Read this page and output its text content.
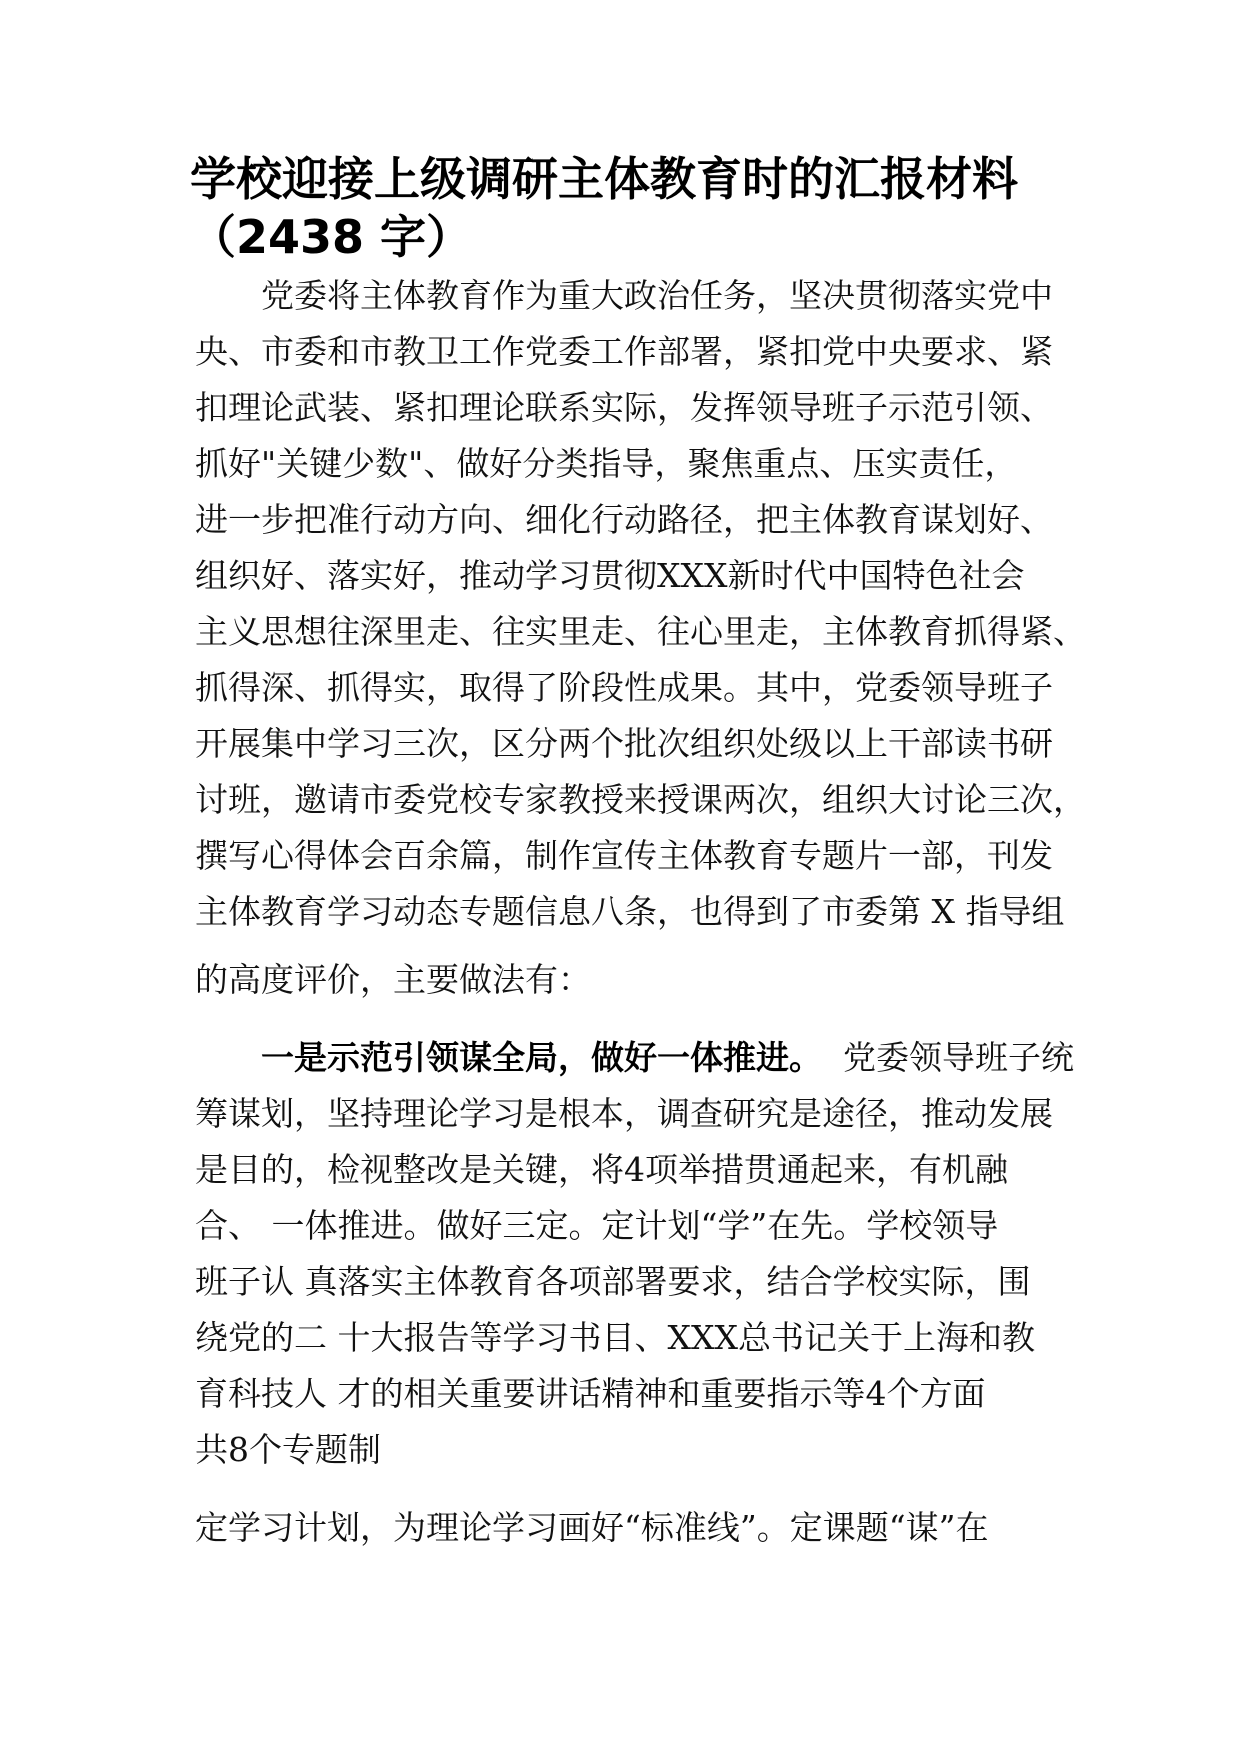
学校迎接上级调研主体教育时的汇报材料
（2438 字）
　　党委将主体教育作为重大政治任务，坚决贯彻落实党中
央、市委和市教卫工作党委工作部署，紧扣党中央要求、紧
扣理论武装、紧扣理论联系实际，发挥领导班子示范引领、
抓好"关键少数"、做好分类指导，聚焦重点、压实责任，
进一步把准行动方向、细化行动路径，把主体教育谋划好、
组织好、落实好，推动学习贯彻XXX新时代中国特色社会
主义思想往深里走、往实里走、往心里走，主体教育抓得紧、
抓得深、抓得实，取得了阶段性成果。其中，党委领导班子
开展集中学习三次，区分两个批次组织处级以上干部读书研
讨班，邀请市委党校专家教授来授课两次，组织大讨论三次，
撰写心得体会百余篇，制作宣传主体教育专题片一部，刊发
主体教育学习动态专题信息八条，也得到了市委第 X 指导组
的高度评价，主要做法有：
　　一是示范引领谋全局，做好一体推进。  党委领导班子统
筹谋划，坚持理论学习是根本，调查研究是途径，推动发展
是目的，检视整改是关键，将4项举措贯通起来，有机融
合、 一体推进。做好三定。定计划“学”在先。学校领导
班子认 真落实主体教育各项部署要求，结合学校实际，围
绕党的二 十大报告等学习书目、XXX总书记关于上海和教
育科技人 才的相关重要讲话精神和重要指示等4个方面
共8个专题制
定学习计划，为理论学习画好“标准线”。定课题“谋”在
